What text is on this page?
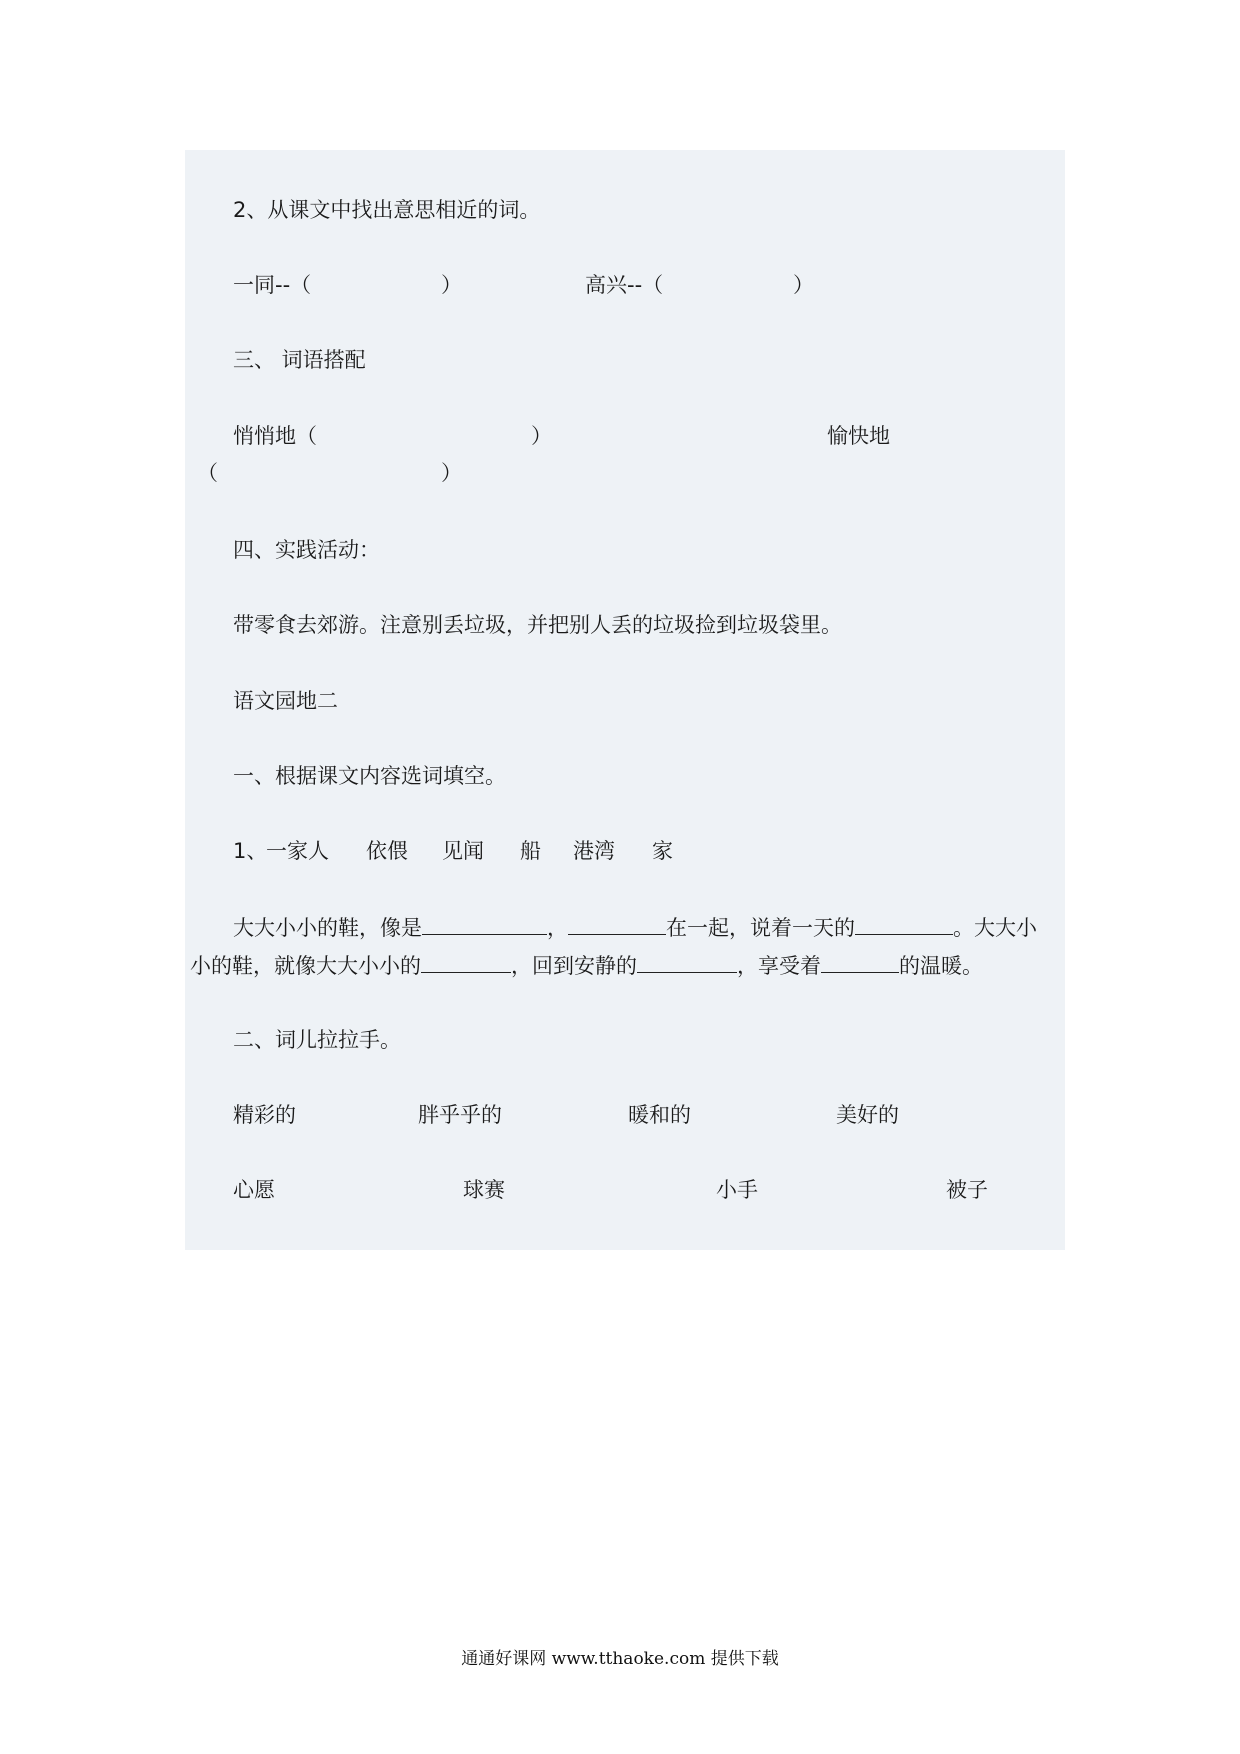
2、从课文中找出意思相近的词。
一同--（	）	高兴--（	）
三、 词语搭配
悄悄地（	）	愉快地
（	）
四、实践活动：
带零食去郊游。注意别丢垃圾，并把别人丢的垃圾捡到垃圾袋里。
语文园地二
一、根据课文内容选词填空。
1、
一家人 依偎 见闻 船 港湾 家
大大小小的鞋，像是	，	在一起，说着一天的	。大大小
小的鞋，就像大大小小的	，回到安静的	，享受着	的温暖。
二、词儿拉拉手。
精彩的	胖乎乎的	暖和的	美好的
心愿	球赛	小手	被子
通通好课网 www.tthaoke.com 提供下载
